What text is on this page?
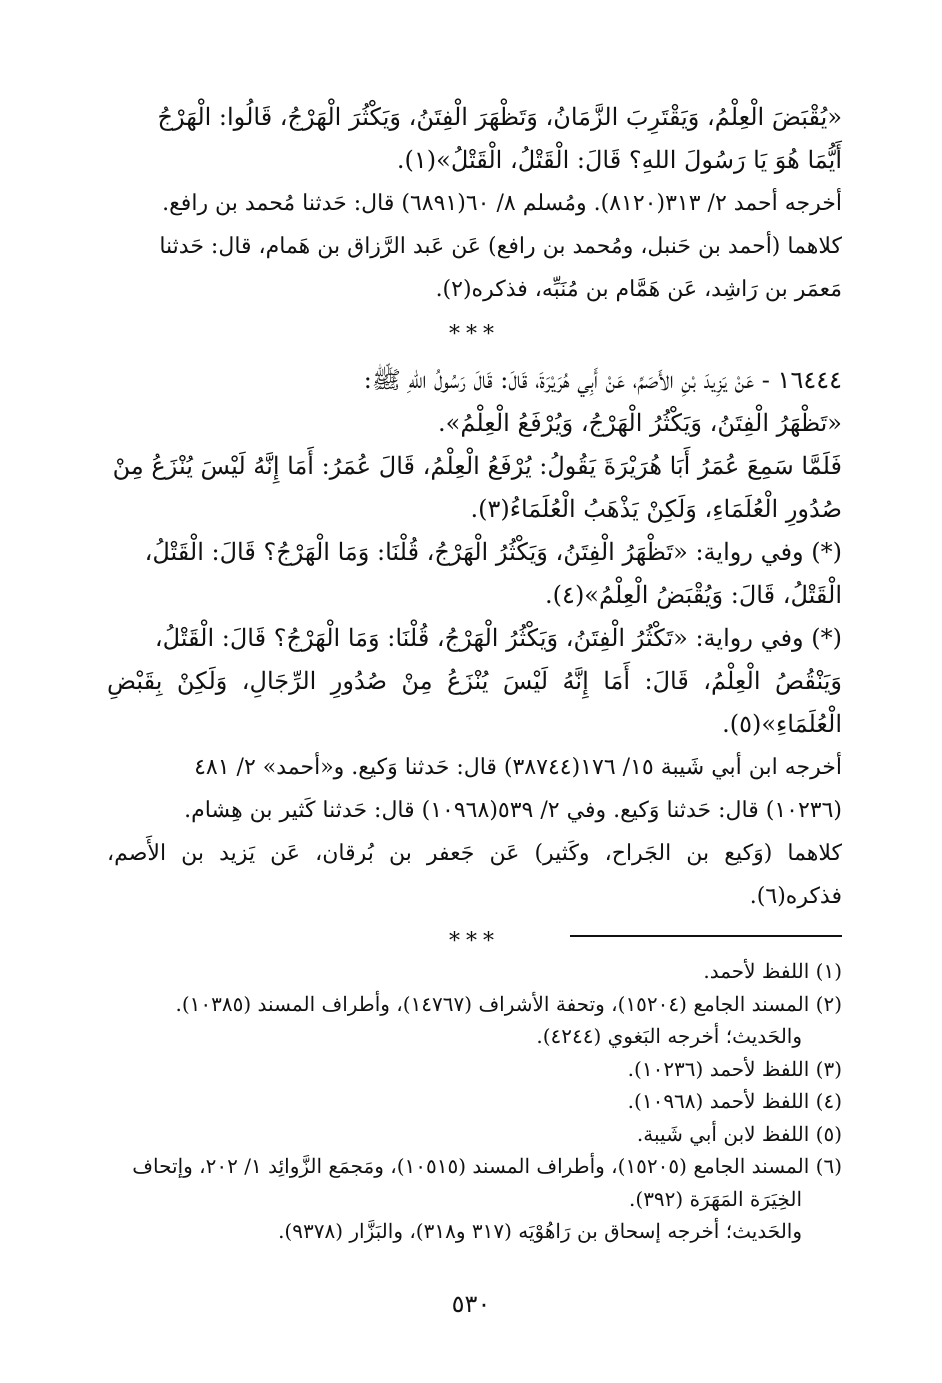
«يُقْبَضَ الْعِلْمُ، وَيَقْتَرِبَ الزَّمَانُ، وَتَظْهَرَ الْفِتَنُ، وَيَكْثُرَ الْهَرْجُ، قَالُوا: الْهَرْجُ

أَيُّمَا هُوَ يَا رَسُولَ اللهِ؟ قَالَ: الْقَتْلُ، الْقَتْلُ»(١).

أخرجه أحمد ٢/ ٣١٣(٨١٢٠). ومُسلم ٨/ ٦٠(٦٨٩١) قال: حَدثنا مُحمد بن رافع.

كلاهما (أحمد بن حَنبل، ومُحمد بن رافع) عَن عَبد الرَّزاق بن هَمام، قال: حَدثنا

مَعمَر بن رَاشِد، عَن هَمَّام بن مُنَبِّه، فذكره(٢).

***

١٦٤٤٤ - عَنْ يَزِيدَ بْنِ الأَصَمِّ، عَنْ أَبِي هُرَيْرَةَ، قَالَ: قَالَ رَسُولُ اللهِ ﷺ:

«تَظْهَرُ الْفِتَنُ، وَيَكْثُرُ الْهَرْجُ، وَيُرْفَعُ الْعِلْمُ».

فَلَمَّا سَمِعَ عُمَرُ أَبَا هُرَيْرَةَ يَقُولُ: يُرْفَعُ الْعِلْمُ، قَالَ عُمَرُ: أَمَا إِنَّهُ لَيْسَ يُنْزَعُ مِنْ

صُدُورِ الْعُلَمَاءِ، وَلَكِنْ يَذْهَبُ الْعُلَمَاءُ(٣).

(*) وفي رواية: «تَظْهَرُ الْفِتَنُ، وَيَكْثُرُ الْهَرْجُ، قُلْنَا: وَمَا الْهَرْجُ؟ قَالَ: الْقَتْلُ،

الْقَتْلُ، قَالَ: وَيُقْبَضُ الْعِلْمُ»(٤).

(*) وفي رواية: «تَكْثُرُ الْفِتَنُ، وَيَكْثُرُ الْهَرْجُ، قُلْنَا: وَمَا الْهَرْجُ؟ قَالَ: الْقَتْلُ،

وَيَنْقُصُ الْعِلْمُ، قَالَ: أَمَا إِنَّهُ لَيْسَ يُنْزَعُ مِنْ صُدُورِ الرِّجَالِ، وَلَكِنْ بِقَبْضِ الْعُلَمَاءِ»(٥).

أخرجه ابن أبي شَيبة ١٥/ ١٧٦(٣٨٧٤٤) قال: حَدثنا وَكيع. و«أحمد» ٢/ ٤٨١

(١٠٢٣٦) قال: حَدثنا وَكيع. وفي ٢/ ٥٣٩(١٠٩٦٨) قال: حَدثنا كَثير بن هِشام.

كلاهما (وَكيع بن الجَراح، وكَثير) عَن جَعفر بن بُرقان، عَن يَزيد بن الأَصم، فذكره(٦).

***

(١) اللفظ لأحمد.

(٢) المسند الجامع (١٥٢٠٤)، وتحفة الأشراف (١٤٧٦٧)، وأطراف المسند (١٠٣٨٥).

والحَديث؛ أخرجه البَغوي (٤٢٤٤).

(٣) اللفظ لأحمد (١٠٢٣٦).

(٤) اللفظ لأحمد (١٠٩٦٨).

(٥) اللفظ لابن أبي شَيبة.

(٦) المسند الجامع (١٥٢٠٥)، وأطراف المسند (١٠٥١٥)، ومَجمَع الزَّوائِد ١/ ٢٠٢، وإتحاف

الخِيَرَة المَهَرَة (٣٩٢).

والحَديث؛ أخرجه إسحاق بن رَاهُوْيَه (٣١٧ و٣١٨)، والبَزَّار (٩٣٧٨).

٥٣٠
